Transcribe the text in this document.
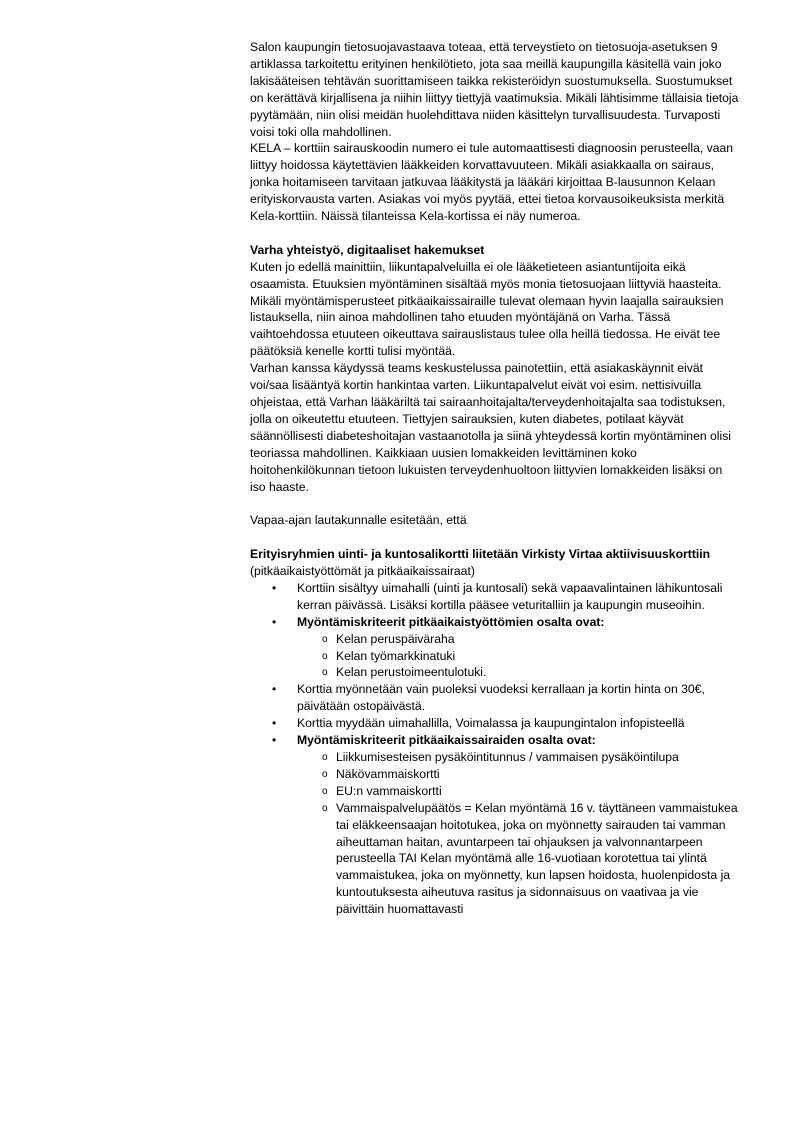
Salon kaupungin tietosuojavastaava toteaa, että terveystieto on tietosuoja-asetuksen 9 artiklassa tarkoitettu erityinen henkilötieto, jota saa meillä kaupungilla käsitellä vain joko lakisääteisen tehtävän suorittamiseen taikka rekisteröidyn suostumuksella. Suostumukset on kerättävä kirjallisena ja niihin liittyy tiettyjä vaatimuksia. Mikäli lähtisimme tällaisia tietoja pyytämään, niin olisi meidän huolehdittava niiden käsittelyn turvallisuudesta. Turvaposti voisi toki olla mahdollinen.

KELA – korttiin sairauskoodin numero ei tule automaattisesti diagnoosin perusteella, vaan liittyy hoidossa käytettävien lääkkeiden korvattavuuteen. Mikäli asiakkaalla on sairaus, jonka hoitamiseen tarvitaan jatkuvaa lääkitystä ja lääkäri kirjoittaa B-lausunnon Kelaan erityiskorvausta varten. Asiakas voi myös pyytää, ettei tietoa korvausoikeuksista merkitä Kela-korttiin. Näissä tilanteissa Kela-kortissa ei näy numeroa.

Varha yhteistyö, digitaaliset hakemukset

Kuten jo edellä mainittiin, liikuntapalveluilla ei ole lääketieteen asiantuntijoita eikä osaamista. Etuuksien myöntäminen sisältää myös monia tietosuojaan liittyviä haasteita.

Mikäli myöntämisperusteet pitkäaikaissairaille tulevat olemaan hyvin laajalla sairauksien listauksella, niin ainoa mahdollinen taho etuuden myöntäjänä on Varha. Tässä vaihtoehdossa etuuteen oikeuttava sairauslistaus tulee olla heillä tiedossa. He eivät tee päätöksiä kenelle kortti tulisi myöntää.

Varhan kanssa käydyssä teams keskustelussa painotettiin, että asiakaskäynnit eivät voi/saa lisääntyä kortin hankintaa varten. Liikuntapalvelut eivät voi esim. nettisivuilla ohjeistaa, että Varhan lääkäriltä tai sairaanhoitajalta/terveydenhoitajalta saa todistuksen, jolla on oikeutettu etuuteen. Tiettyjen sairauksien, kuten diabetes, potilaat käyvät säännöllisesti diabeteshoitajan vastaanotolla ja siinä yhteydessä kortin myöntäminen olisi teoriassa mahdollinen. Kaikkiaan uusien lomakkeiden levittäminen koko hoitohenkilökunnan tietoon lukuisten terveydenhuoltoon liittyvien lomakkeiden lisäksi on iso haaste.

Vapaa-ajan lautakunnalle esitetään, että

Erityisryhmien uinti- ja kuntosalikortti liitetään Virkisty Virtaa aktiivisuuskorttiin (pitkäaikaistyöttömät ja pitkäaikaissairaat)

• Korttiin sisältyy uimahalli (uinti ja kuntosali) sekä vapaavalintainen lähikuntosali kerran päivässä. Lisäksi kortilla pääsee veturitalliin ja kaupungin museoihin.
• Myöntämiskriteerit pitkäaikaistyöttömien osalta ovat:
o Kelan peruspäiväraha
o Kelan työmarkkinatuki
o Kelan perustoimeentulotuki.
• Korttia myönnetään vain puoleksi vuodeksi kerrallaan ja kortin hinta on 30€, päivätään ostopäivästä.
• Korttia myydään uimahallilla, Voimalassa ja kaupungintalon infopisteellä
• Myöntämiskriteerit pitkäaikaissairaiden osalta ovat:
o Liikkumisesteisen pysäköintitunnus / vammaisen pysäköintilupa
o Näkövammaiskortti
o EU:n vammaiskortti
o Vammaispalvelupäätös = Kelan myöntämä 16 v. täyttäneen vammaistukea tai eläkkeensaajan hoitotukea, joka on myönnetty sairauden tai vamman aiheuttaman haitan, avuntarpeen tai ohjauksen ja valvonnantarpeen perusteella TAI Kelan myöntämä alle 16-vuotiaan korotettua tai ylintä vammaistukea, joka on myönnetty, kun lapsen hoidosta, huolenpidosta ja kuntoutuksesta aiheutuva rasitus ja sidonnaisuus on vaativaa ja vie päivittäin huomattavasti
